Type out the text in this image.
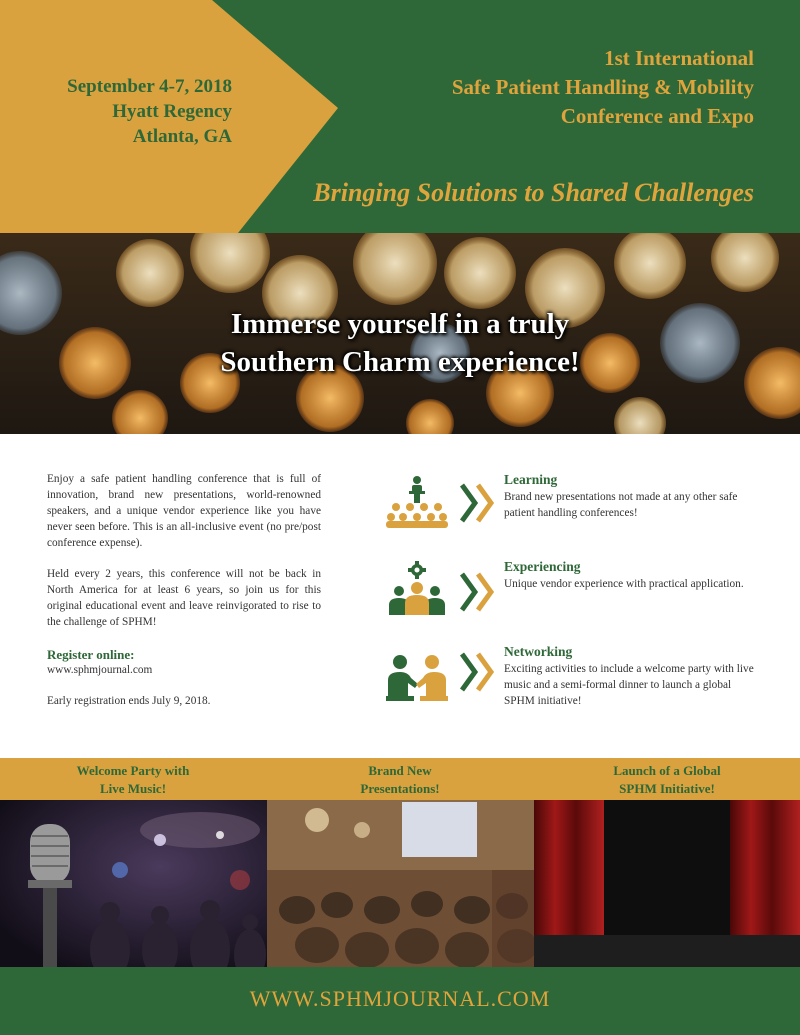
September 4-7, 2018
Hyatt Regency
Atlanta, GA
1st International
Safe Patient Handling & Mobility
Conference and Expo
Bringing Solutions to Shared Challenges
Immerse yourself in a truly
Southern Charm experience!
Enjoy a safe patient handling conference that is full of innovation, brand new presentations, world-renowned speakers, and a unique vendor experience like you have never seen before. This is an all-inclusive event (no pre/post conference expense).
Held every 2 years, this conference will not be back in North America for at least 6 years, so join us for this original educational event and leave reinvigorated to rise to the challenge of SPHM!
Register online:
www.sphmjournal.com
Early registration ends July 9, 2018.
Learning
Brand new presentations not made at any other safe patient handling conferences!
Experiencing
Unique vendor experience with practical application.
Networking
Exciting activities to include a welcome party with live music and a semi-formal dinner to launch a global SPHM initiative!
Welcome Party with
Live Music!
Brand New
Presentations!
Launch of a Global
SPHM Initiative!
WWW.SPHMJOURNAL.COM
